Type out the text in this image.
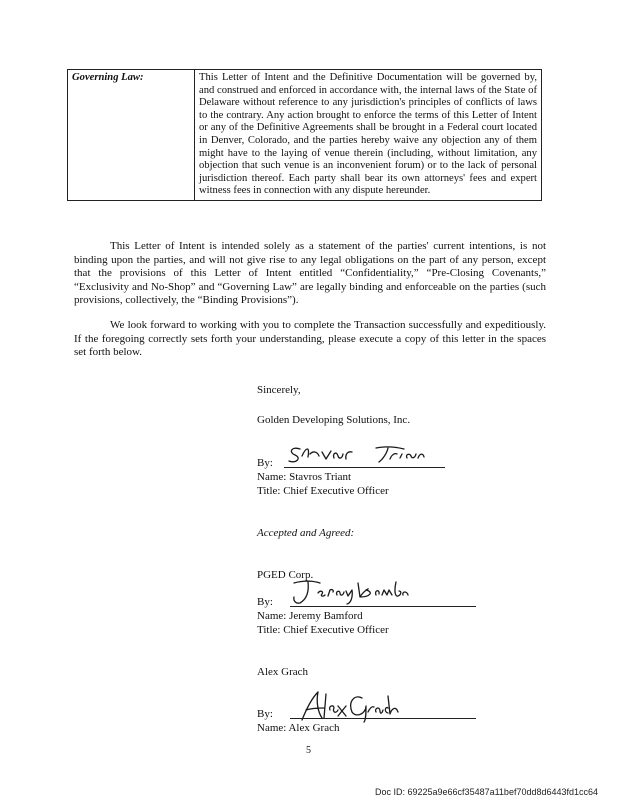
Governing Law:	This Letter of Intent and the Definitive Documentation will be governed by, and construed and enforced in accordance with, the internal laws of the State of Delaware without reference to any jurisdiction's principles of conflicts of laws to the contrary. Any action brought to enforce the terms of this Letter of Intent or any of the Definitive Agreements shall be brought in a Federal court located in Denver, Colorado, and the parties hereby waive any objection any of them might have to the laying of venue therein (including, without limitation, any objection that such venue is an inconvenient forum) or to the lack of personal jurisdiction thereof. Each party shall bear its own attorneys' fees and expert witness fees in connection with any dispute hereunder.

This Letter of Intent is intended solely as a statement of the parties' current intentions, is not binding upon the parties, and will not give rise to any legal obligations on the part of any person, except that the provisions of this Letter of Intent entitled “Confidentiality,” “Pre-Closing Covenants,” “Exclusivity and No-Shop” and “Governing Law” are legally binding and enforceable on the parties (such provisions, collectively, the “Binding Provisions”).

We look forward to working with you to complete the Transaction successfully and expeditiously. If the foregoing correctly sets forth your understanding, please execute a copy of this letter in the spaces set forth below.

Sincerely,
Golden Developing Solutions, Inc.
By:
Name: Stavros Triant
Title: Chief Executive Officer
Accepted and Agreed:
PGED Corp.
By:
Name: Jeremy Bamford
Title: Chief Executive Officer
Alex Grach
By:
Name: Alex Grach
5
Doc ID: 69225a9e66cf35487a11bef70dd8d6443fd1cc64
